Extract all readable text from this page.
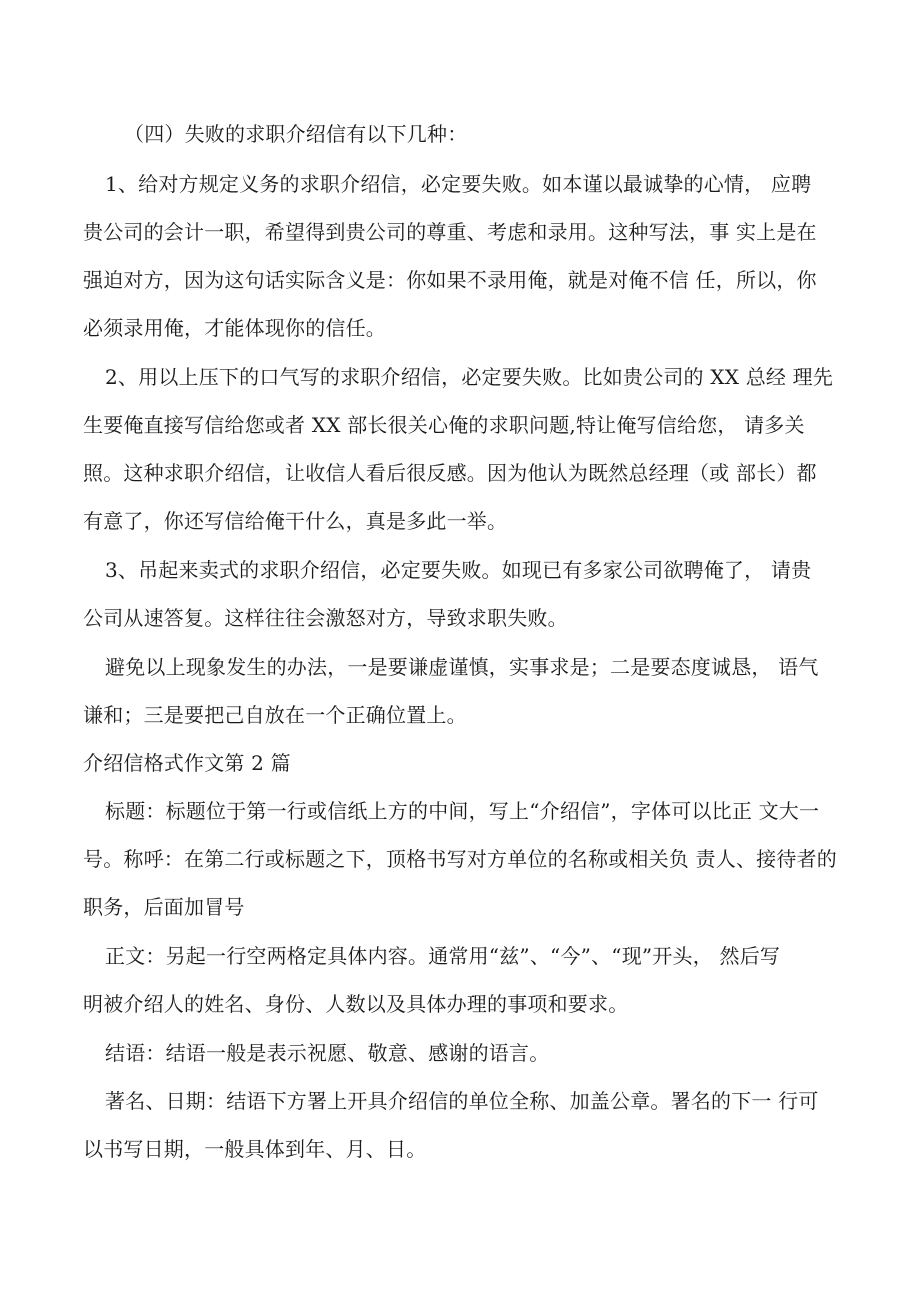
（四）失败的求职介绍信有以下几种：
1、给对方规定义务的求职介绍信，必定要失败。如本谨以最诚挚的心情， 应聘
贵公司的会计一职，希望得到贵公司的尊重、考虑和录用。这种写法，事 实上是在
强迫对方，因为这句话实际含义是：你如果不录用俺，就是对俺不信 任，所以，你
必须录用俺，才能体现你的信任。
2、用以上压下的口气写的求职介绍信，必定要失败。比如贵公司的 XX 总经 理先
生要俺直接写信给您或者 XX 部长很关心俺的求职问题,特让俺写信给您， 请多关
照。这种求职介绍信，让收信人看后很反感。因为他认为既然总经理（或 部长）都
有意了，你还写信给俺干什么，真是多此一举。
3、吊起来卖式的求职介绍信，必定要失败。如现已有多家公司欲聘俺了， 请贵
公司从速答复。这样往往会激怒对方，导致求职失败。
避免以上现象发生的办法，一是要谦虚谨慎，实事求是；二是要态度诚恳， 语气
谦和；三是要把己自放在一个正确位置上。
介绍信格式作文第 2 篇
标题：标题位于第一行或信纸上方的中间，写上“介绍信”，字体可以比正 文大一
号。称呼：在第二行或标题之下，顶格书写对方单位的名称或相关负 责人、接待者的
职务，后面加冒号
正文：另起一行空两格定具体内容。通常用“兹”、“今”、“现”开头， 然后写
明被介绍人的姓名、身份、人数以及具体办理的事项和要求。
结语：结语一般是表示祝愿、敬意、感谢的语言。
著名、日期：结语下方署上开具介绍信的单位全称、加盖公章。署名的下一 行可
以书写日期，一般具体到年、月、日。
